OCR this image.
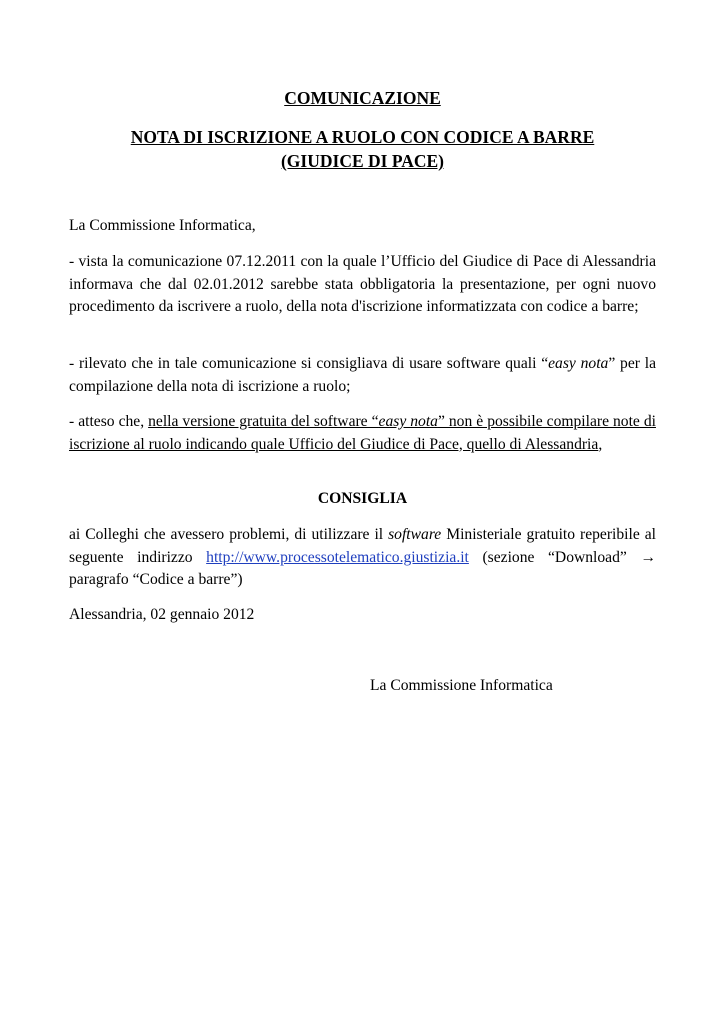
COMUNICAZIONE
NOTA DI ISCRIZIONE A RUOLO CON CODICE A BARRE
(GIUDICE DI PACE)

La Commissione Informatica,

- vista la comunicazione 07.12.2011 con la quale l’Ufficio del Giudice di Pace di Alessandria informava che dal 02.01.2012 sarebbe stata obbligatoria la presentazione, per ogni nuovo procedimento da iscrivere a ruolo, della nota d'iscrizione informatizzata con codice a barre;

- rilevato che in tale comunicazione si consigliava di usare software quali “easy nota” per la compilazione della nota di iscrizione a ruolo;

- atteso che, nella versione gratuita del software “easy nota” non è possibile compilare note di iscrizione al ruolo indicando quale Ufficio del Giudice di Pace, quello di Alessandria,

CONSIGLIA

ai Colleghi che avessero problemi, di utilizzare il software Ministeriale gratuito reperibile al seguente indirizzo http://www.processotelematico.giustizia.it (sezione “Download” → paragrafo “Codice a barre”)

Alessandria, 02 gennaio 2012

La Commissione Informatica
